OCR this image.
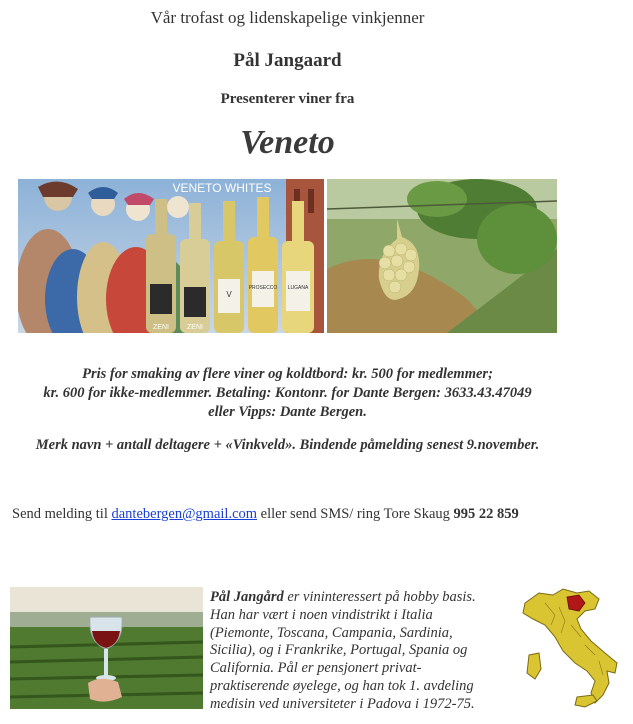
Vår trofast og lidenskapelige vinkjenner
Pål Jangaard
Presenterer viner fra
Veneto
ZENI	ZENI
V
PROSECCO LUGANA
VENETO WHITES
Pris for smaking av flere viner og koldtbord: kr. 500 for medlemmer;
kr. 600 for ikke-medlemmer. Betaling: Kontonr. for Dante Bergen: 3633.43.47049
eller Vipps: Dante Bergen.
Merk navn + antall deltagere + «Vinkveld». Bindende påmelding senest 9.november.
Send melding til dantebergen@gmail.com eller send SMS/ ring Tore Skaug 995 22 859
Pål Jangård er vininteressert på hobby basis.
Han har vært i noen vindistrikt i Italia
(Piemonte, Toscana, Campania, Sardinia,
Sicilia), og i Frankrike, Portugal, Spania og
California. Pål er pensjonert privat-
praktiserende øyelege, og han tok 1. avdeling
medisin ved universiteter i Padova i 1972-75.
